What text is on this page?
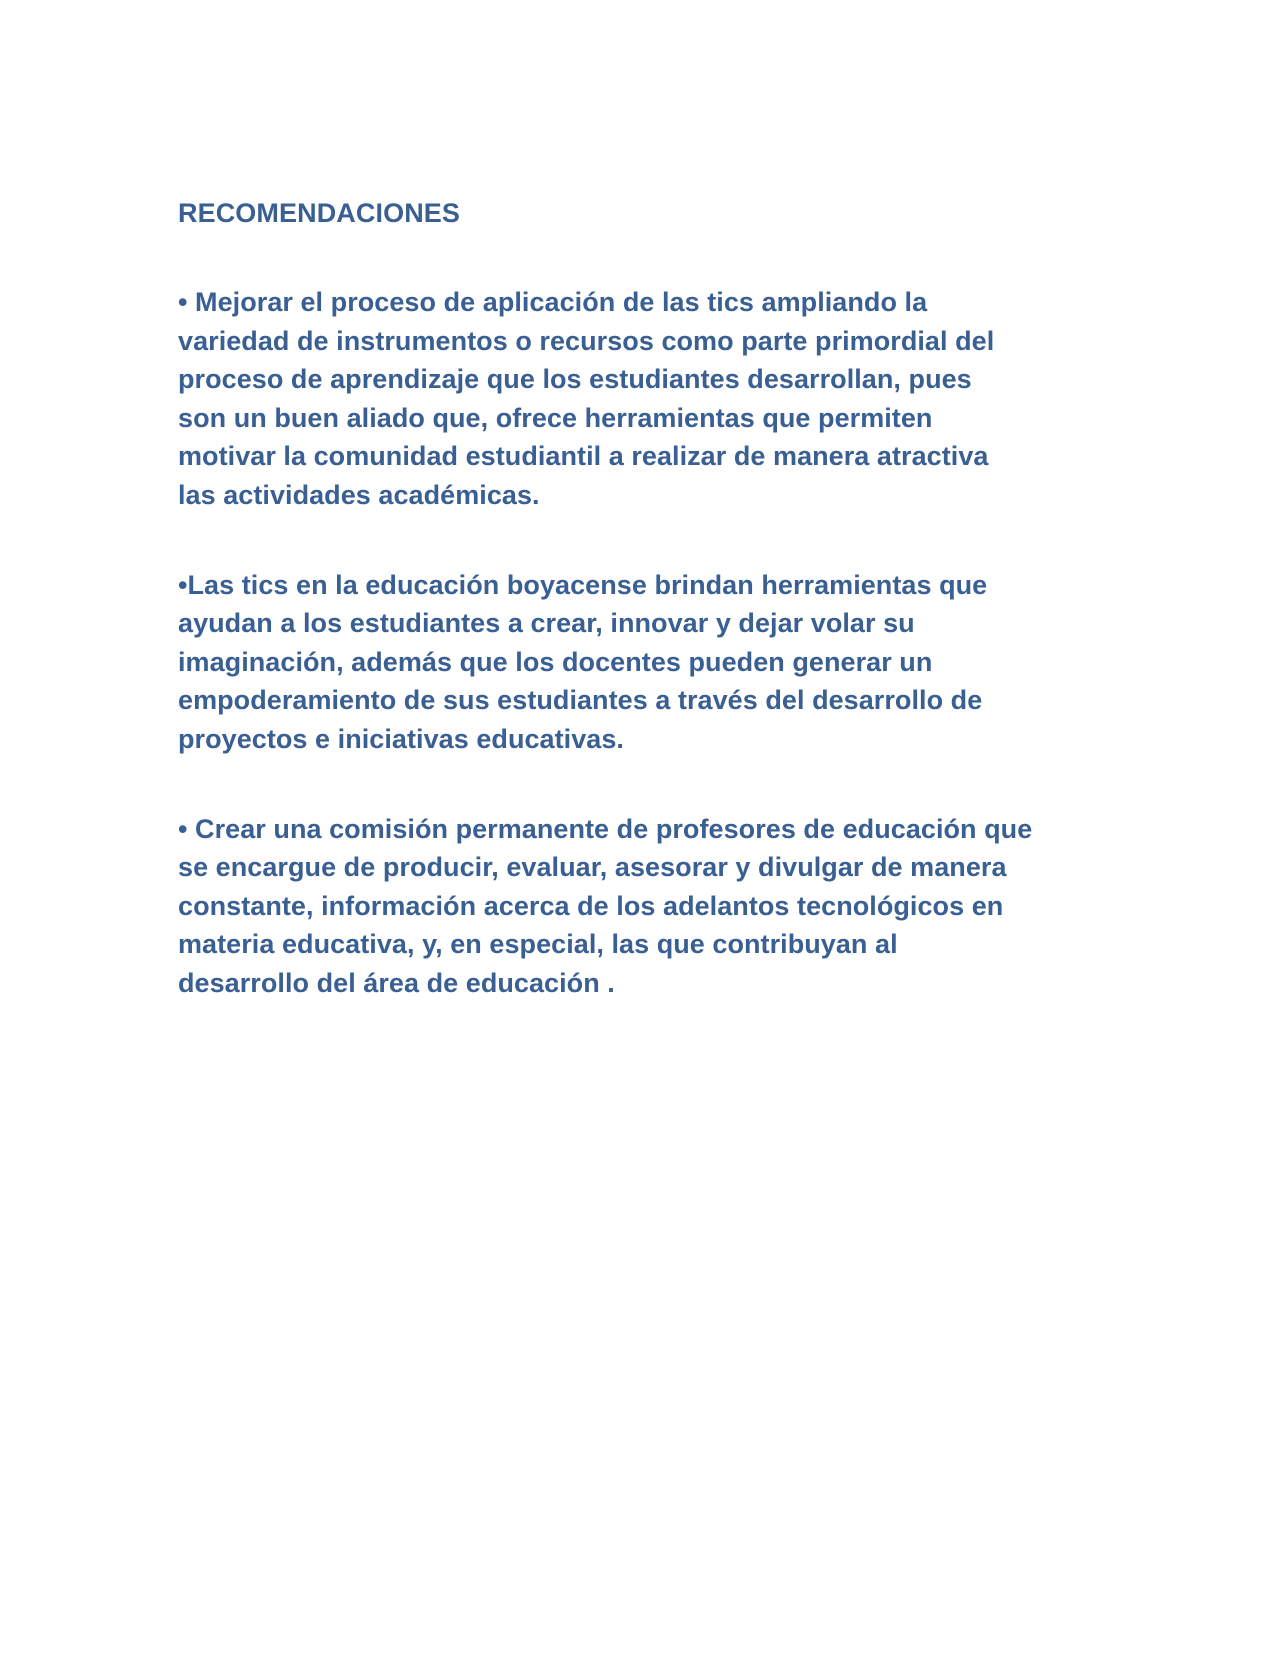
RECOMENDACIONES

• Mejorar el proceso de aplicación de las tics ampliando la
variedad de instrumentos o recursos como parte primordial del
proceso de aprendizaje que los estudiantes desarrollan, pues
son un buen aliado que, ofrece herramientas que permiten
motivar la comunidad estudiantil a realizar de manera atractiva
las actividades académicas.

•Las tics en la educación boyacense brindan herramientas que
ayudan a los estudiantes a crear, innovar y dejar volar su
imaginación, además que los docentes pueden generar un
empoderamiento de sus estudiantes a través del desarrollo de
proyectos e iniciativas educativas.

• Crear una comisión permanente de profesores de educación que
se encargue de producir, evaluar, asesorar y divulgar de manera
constante, información acerca de los adelantos tecnológicos en
materia educativa, y, en especial, las que contribuyan al
desarrollo del área de educación .
